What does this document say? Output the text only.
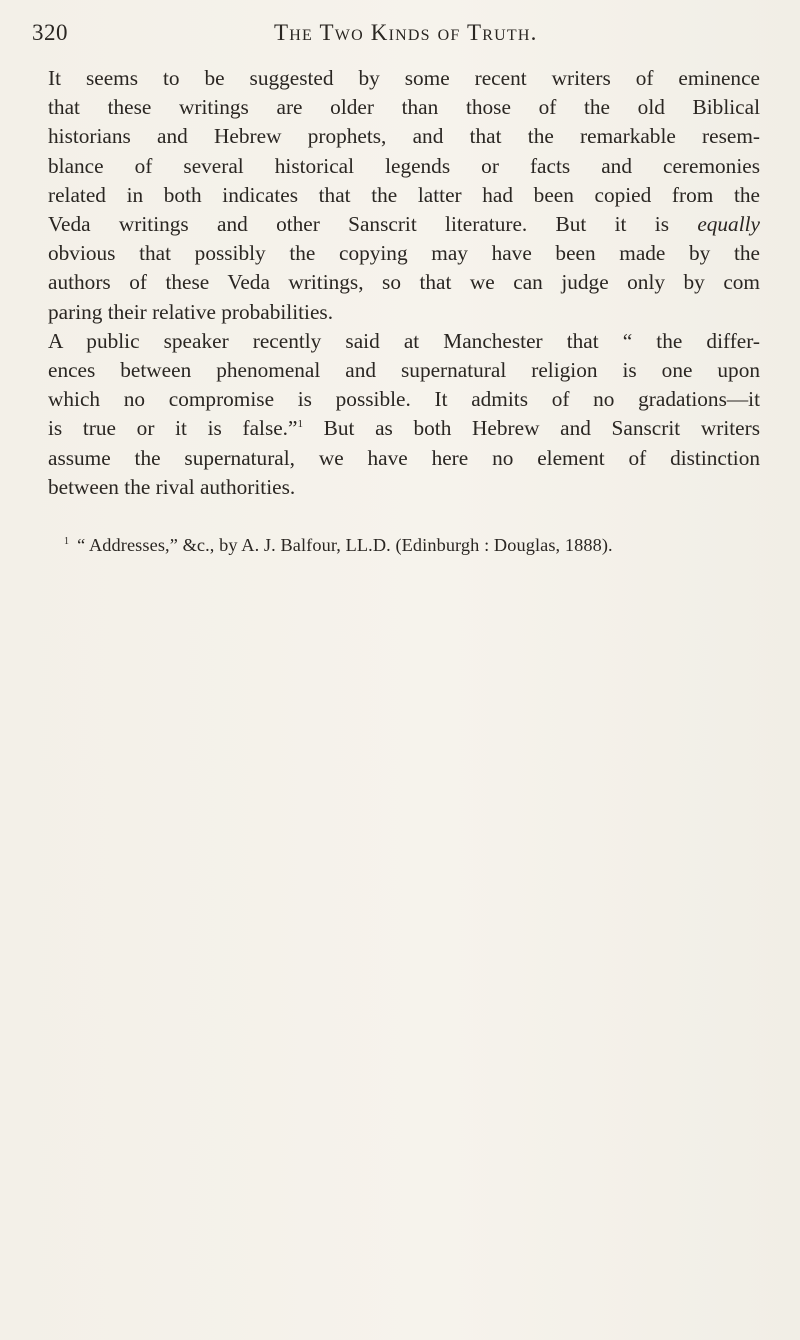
320	The Two Kinds of Truth.
It seems to be suggested by some recent writers of eminence
that these writings are older than those of the old Biblical
historians and Hebrew prophets, and that the remarkable resem-
blance of several historical legends or facts and ceremonies
related in both indicates that the latter had been copied from the
Veda writings and other Sanscrit literature. But it is equally
obvious that possibly the copying may have been made by the
authors of these Veda writings, so that we can judge only by com
paring their relative probabilities.
A public speaker recently said at Manchester that “ the differ-
ences between phenomenal and supernatural religion is one upon
which no compromise is possible. It admits of no gradations—it
is true or it is false.”$^1$ But as both Hebrew and Sanscrit writers
assume the supernatural, we have here no element of distinction
between the rival authorities.
$^1$ “ Addresses,” &c., by A. J. Balfour, LL.D. (Edinburgh : Douglas, 1888).
